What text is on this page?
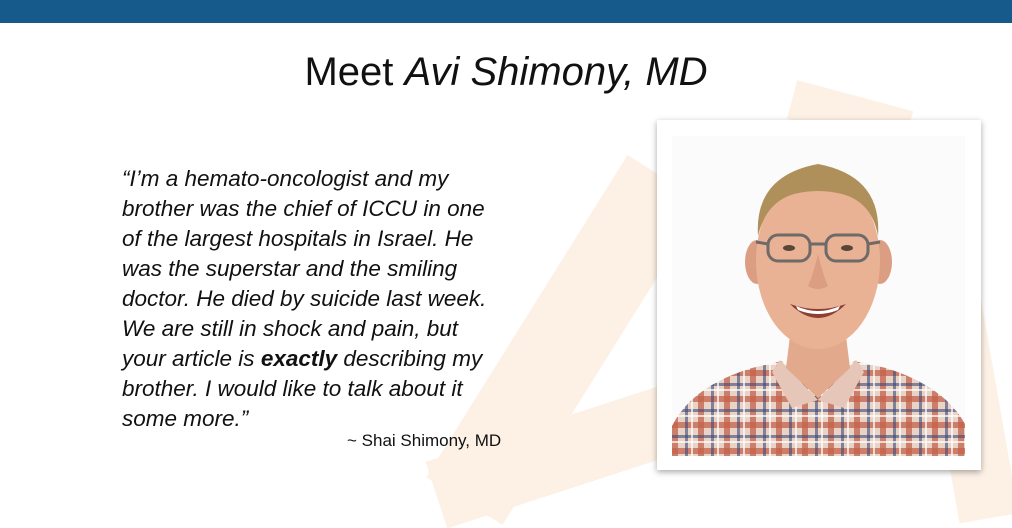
Meet Avi Shimony, MD
“I’m a hemato-oncologist and my
brother was the chief of ICCU in one
of the largest hospitals in Israel. He
was the superstar and the smiling
doctor. He died by suicide last week.
We are still in shock and pain, but
your article is exactly describing my
brother. I would like to talk about it
some more.”
~ Shai Shimony, MD
